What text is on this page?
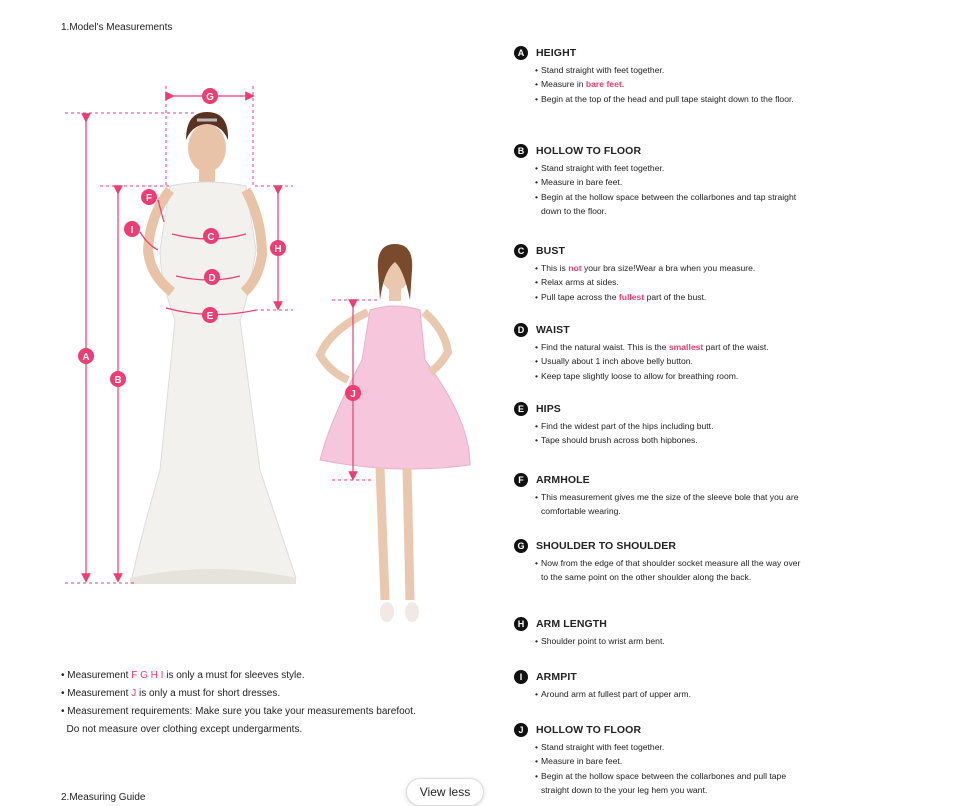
1.Model's Measurements
A
B
C
D
E
F
G
H
I
J
• Measurement F G H I is only a must for sleeves style.
• Measurement J is only a must for short dresses.
• Measurement requirements: Make sure you take your measurements barefoot.
Do not measure over clothing except undergarments.
A	HEIGHT
• Stand straight with feet together.
• Measure in bare feet.
• Begin at the top of the head and pull tape staight down to the floor.
B	HOLLOW TO FLOOR
• Stand straight with feet together.
• Measure in bare feet.
• Begin at the hollow space between the collarbones and tap straight down to the floor.
C	BUST
• This is not your bra size!Wear a bra when you measure.
• Relax arms at sides.
• Pull tape across the fullest part of the bust.
D	WAIST
• Find the natural waist. This is the smallest part of the waist.
• Usually about 1 inch above belly button.
• Keep tape slightly loose to allow for breathing room.
E	HIPS
• Find the widest part of the hips including butt.
• Tape should brush across both hipbones.
F	ARMHOLE
• This measurement gives me the size of the sleeve bole that you are comfortable wearing.
G	SHOULDER TO SHOULDER
• Now from the edge of that shoulder socket measure all the way over to the same point on the other shoulder along the back.
H	ARM LENGTH
• Shoulder point to wrist arm bent.
I	ARMPIT
• Around arm at fullest part of upper arm.
J	HOLLOW TO FLOOR
• Stand straight with feet together.
• Measure in bare feet.
• Begin at the hollow space between the collarbones and pull tape straight down to the your leg hem you want.
View less
2.Measuring Guide
